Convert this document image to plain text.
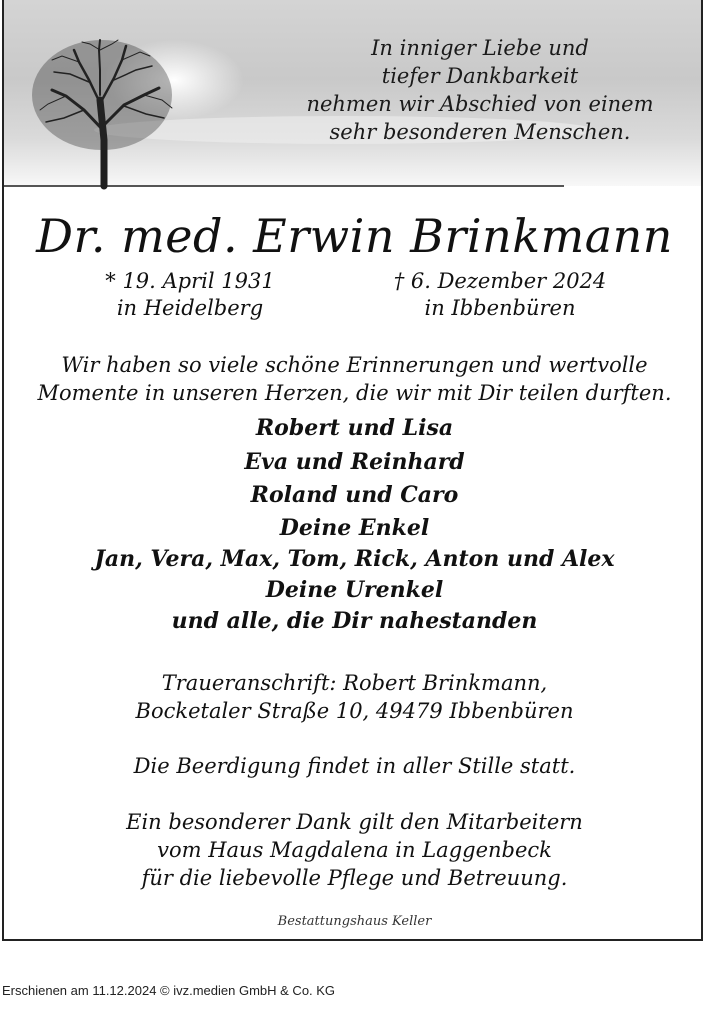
In inniger Liebe und
tiefer Dankbarkeit
nehmen wir Abschied von einem
sehr besonderen Menschen.
Dr. med. Erwin Brinkmann
* 19. April 1931
in Heidelberg
† 6. Dezember 2024
in Ibbenbüren
Wir haben so viele schöne Erinnerungen und wertvolle
Momente in unseren Herzen, die wir mit Dir teilen durften.
Robert und Lisa
Eva und Reinhard
Roland und Caro
Deine Enkel
Jan, Vera, Max, Tom, Rick, Anton und Alex
Deine Urenkel
und alle, die Dir nahestanden
Traueranschrift: Robert Brinkmann,
Bocketaler Straße 10, 49479 Ibbenbüren
Die Beerdigung findet in aller Stille statt.
Ein besonderer Dank gilt den Mitarbeitern
vom Haus Magdalena in Laggenbeck
für die liebevolle Pflege und Betreuung.
Bestattungshaus Keller
Erschienen am 11.12.2024 © ivz.medien GmbH & Co. KG
